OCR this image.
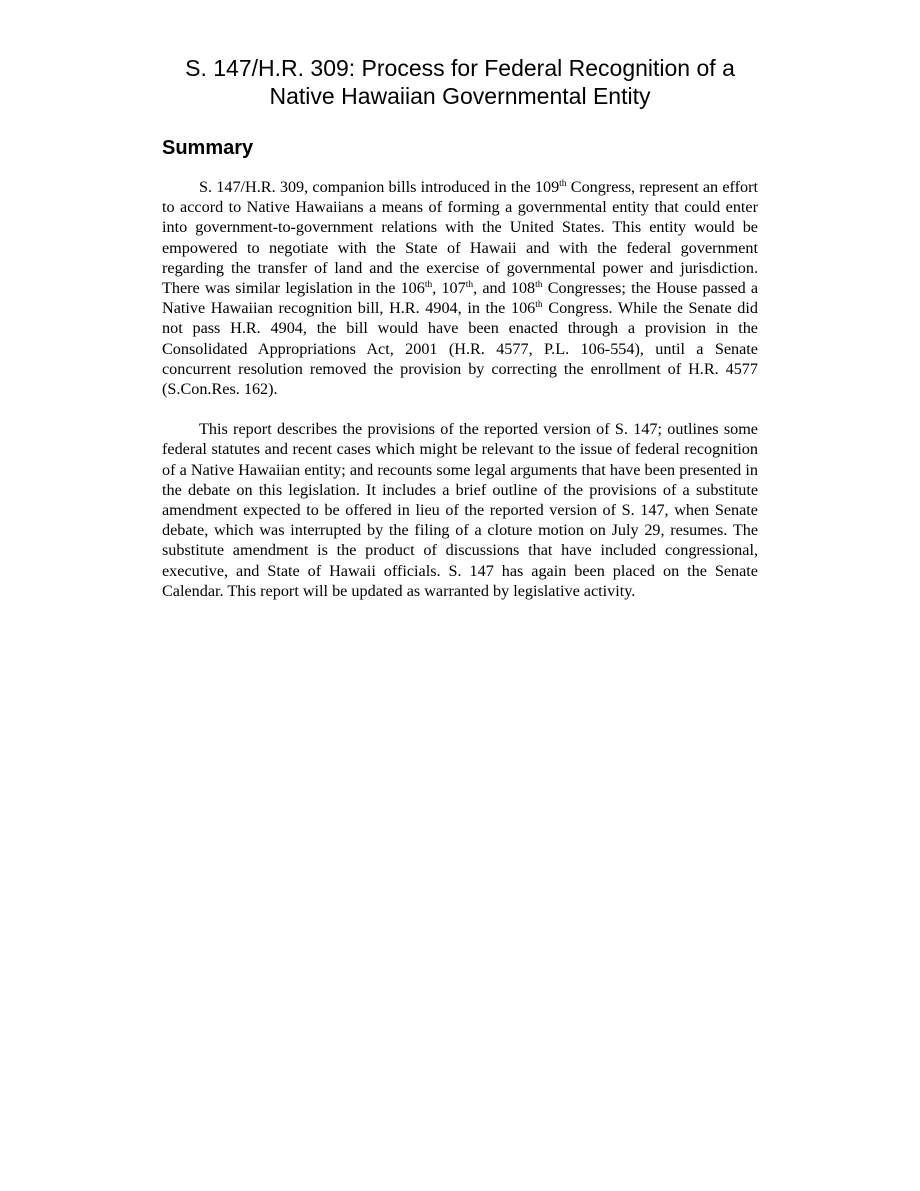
S. 147/H.R. 309: Process for Federal Recognition of a
Native Hawaiian Governmental Entity
Summary

S. 147/H.R. 309, companion bills introduced in the 109th Congress, represent an effort to accord to Native Hawaiians a means of forming a governmental entity that could enter into government-to-government relations with the United States. This entity would be empowered to negotiate with the State of Hawaii and with the federal government regarding the transfer of land and the exercise of governmental power and jurisdiction. There was similar legislation in the 106th, 107th, and 108th Congresses; the House passed a Native Hawaiian recognition bill, H.R. 4904, in the 106th Congress. While the Senate did not pass H.R. 4904, the bill would have been enacted through a provision in the Consolidated Appropriations Act, 2001 (H.R. 4577, P.L. 106-554), until a Senate concurrent resolution removed the provision by correcting the enrollment of H.R. 4577 (S.Con.Res. 162).

This report describes the provisions of the reported version of S. 147; outlines some federal statutes and recent cases which might be relevant to the issue of federal recognition of a Native Hawaiian entity; and recounts some legal arguments that have been presented in the debate on this legislation. It includes a brief outline of the provisions of a substitute amendment expected to be offered in lieu of the reported version of S. 147, when Senate debate, which was interrupted by the filing of a cloture motion on July 29, resumes. The substitute amendment is the product of discussions that have included congressional, executive, and State of Hawaii officials. S. 147 has again been placed on the Senate Calendar. This report will be updated as warranted by legislative activity.
